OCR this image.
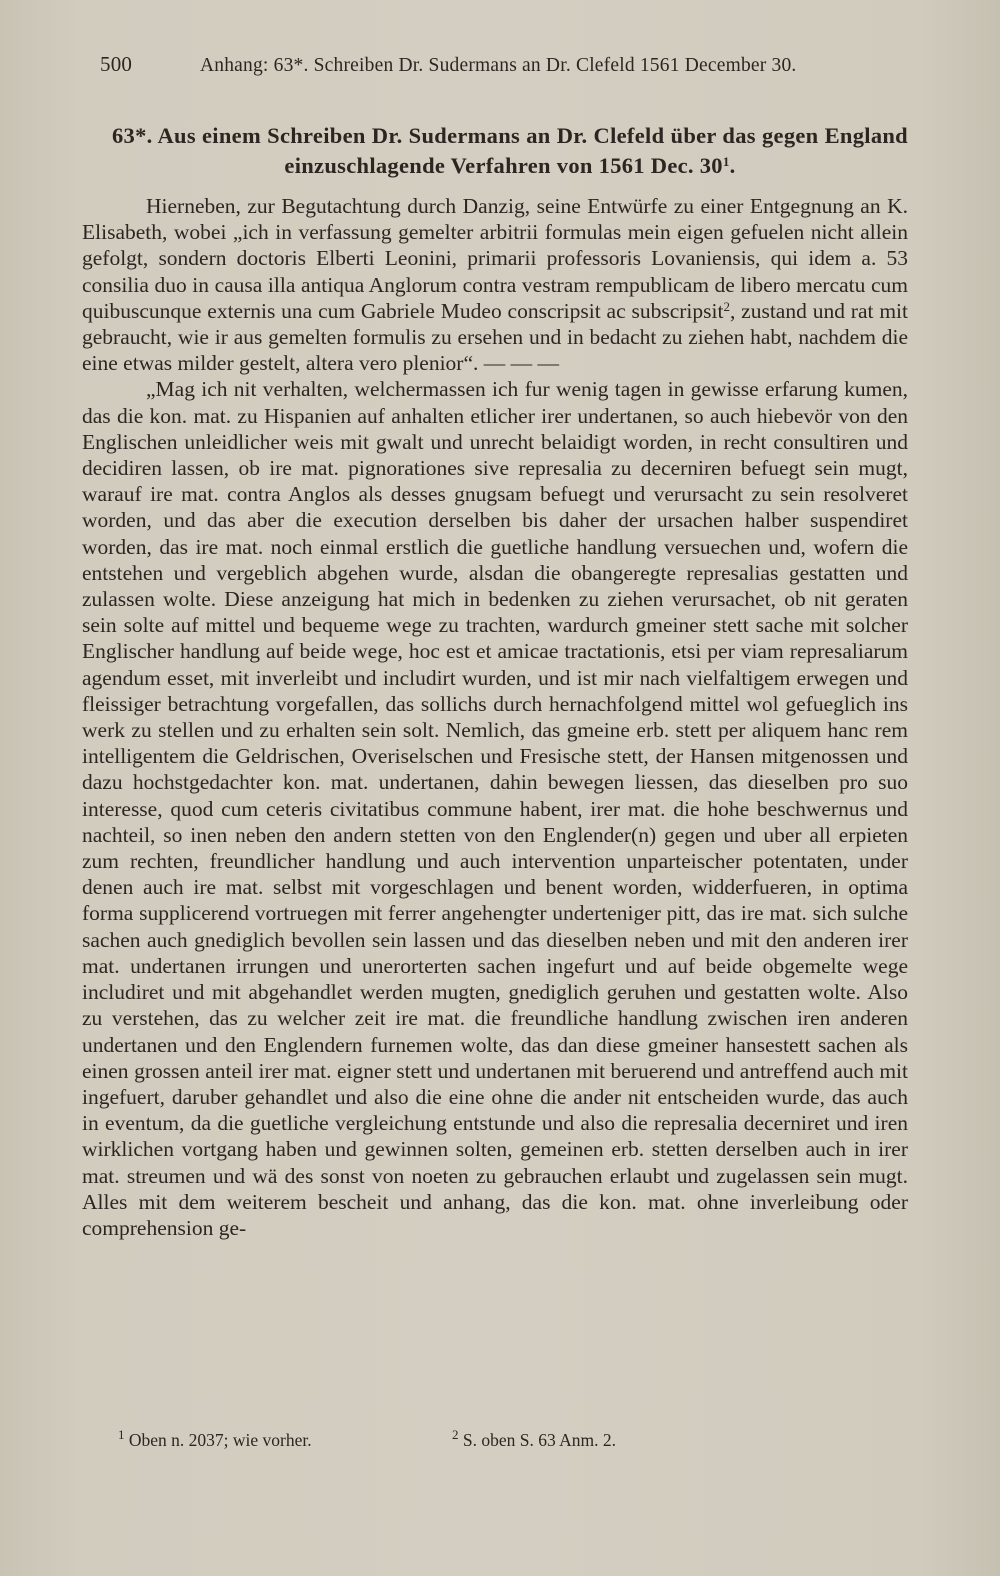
500	Anhang: 63*. Schreiben Dr. Sudermans an Dr. Clefeld 1561 December 30.
63*. Aus einem Schreiben Dr. Sudermans an Dr. Clefeld über das gegen England einzuschlagende Verfahren von 1561 Dec. $30^1$.

Hierneben, zur Begutachtung durch Danzig, seine Entwürfe zu einer Entgegnung an K. Elisabeth, wobei „ich in verfassung gemelter arbitrii formulas mein eigen gefuelen nicht allein gefolgt, sondern doctoris Elberti Leonini, primarii professoris Lovaniensis, qui idem a. 53 consilia duo in causa illa antiqua Anglorum contra vestram rempublicam de libero mercatu cum quibuscunque externis una cum Gabriele Mudeo conscripsit ac subscripsit$^2$, zustand und rat mit gebraucht, wie ir aus gemelten formulis zu ersehen und in bedacht zu ziehen habt, nachdem die eine etwas milder gestelt, altera vero plenior“. — — —

„Mag ich nit verhalten, welchermassen ich fur wenig tagen in gewisse erfarung kumen, das die kon. mat. zu Hispanien auf anhalten etlicher irer undertanen, so auch hiebevör von den Englischen unleidlicher weis mit gwalt und unrecht belaidigt worden, in recht consultiren und decidiren lassen, ob ire mat. pignorationes sive represalia zu decerniren befuegt sein mugt, warauf ire mat. contra Anglos als desses gnugsam befuegt und verursacht zu sein resolveret worden, und das aber die execution derselben bis daher der ursachen halber suspendiret worden, das ire mat. noch einmal erstlich die guetliche handlung versuechen und, wofern die entstehen und vergeblich abgehen wurde, alsdan die obangeregte represalias gestatten und zulassen wolte. Diese anzeigung hat mich in bedenken zu ziehen verursachet, ob nit geraten sein solte auf mittel und bequeme wege zu trachten, wardurch gmeiner stett sache mit solcher Englischer handlung auf beide wege, hoc est et amicae tractationis, etsi per viam represaliarum agendum esset, mit inverleibt und includirt wurden, und ist mir nach vielfaltigem erwegen und fleissiger betrachtung vorgefallen, das sollichs durch hernachfolgend mittel wol gefueglich ins werk zu stellen und zu erhalten sein solt. Nemlich, das gmeine erb. stett per aliquem hanc rem intelligentem die Geldrischen, Overiselschen und Fresische stett, der Hansen mitgenossen und dazu hochstgedachter kon. mat. undertanen, dahin bewegen liessen, das dieselben pro suo interesse, quod cum ceteris civitatibus commune habent, irer mat. die hohe beschwernus und nachteil, so inen neben den andern stetten von den Englender(n) gegen und uber all erpieten zum rechten, freundlicher handlung und auch intervention unparteischer potentaten, under denen auch ire mat. selbst mit vorgeschlagen und benent worden, widderfueren, in optima forma supplicerend vortruegen mit ferrer angehengter underteniger pitt, das ire mat. sich sulche sachen auch gnediglich bevollen sein lassen und das dieselben neben und mit den anderen irer mat. undertanen irrungen und unerorterten sachen ingefurt und auf beide obgemelte wege includiret und mit abgehandlet werden mugten, gnediglich geruhen und gestatten wolte. Also zu verstehen, das zu welcher zeit ire mat. die freundliche handlung zwischen iren anderen undertanen und den Englendern furnemen wolte, das dan diese gmeiner hansestett sachen als einen grossen anteil irer mat. eigner stett und undertanen mit beruerend und antreffend auch mit ingefuert, daruber gehandlet und also die eine ohne die ander nit entscheiden wurde, das auch in eventum, da die guetliche vergleichung entstunde und also die represalia decerniret und iren wirklichen vortgang haben und gewinnen solten, gemeinen erb. stetten derselben auch in irer mat. streumen und wä des sonst von noeten zu gebrauchen erlaubt und zugelassen sein mugt. Alles mit dem weiterem bescheit und anhang, das die kon. mat. ohne inverleibung oder comprehension ge-

$^1$ Oben n. 2037; wie vorher.	$^2$ S. oben S. 63 Anm. 2.
